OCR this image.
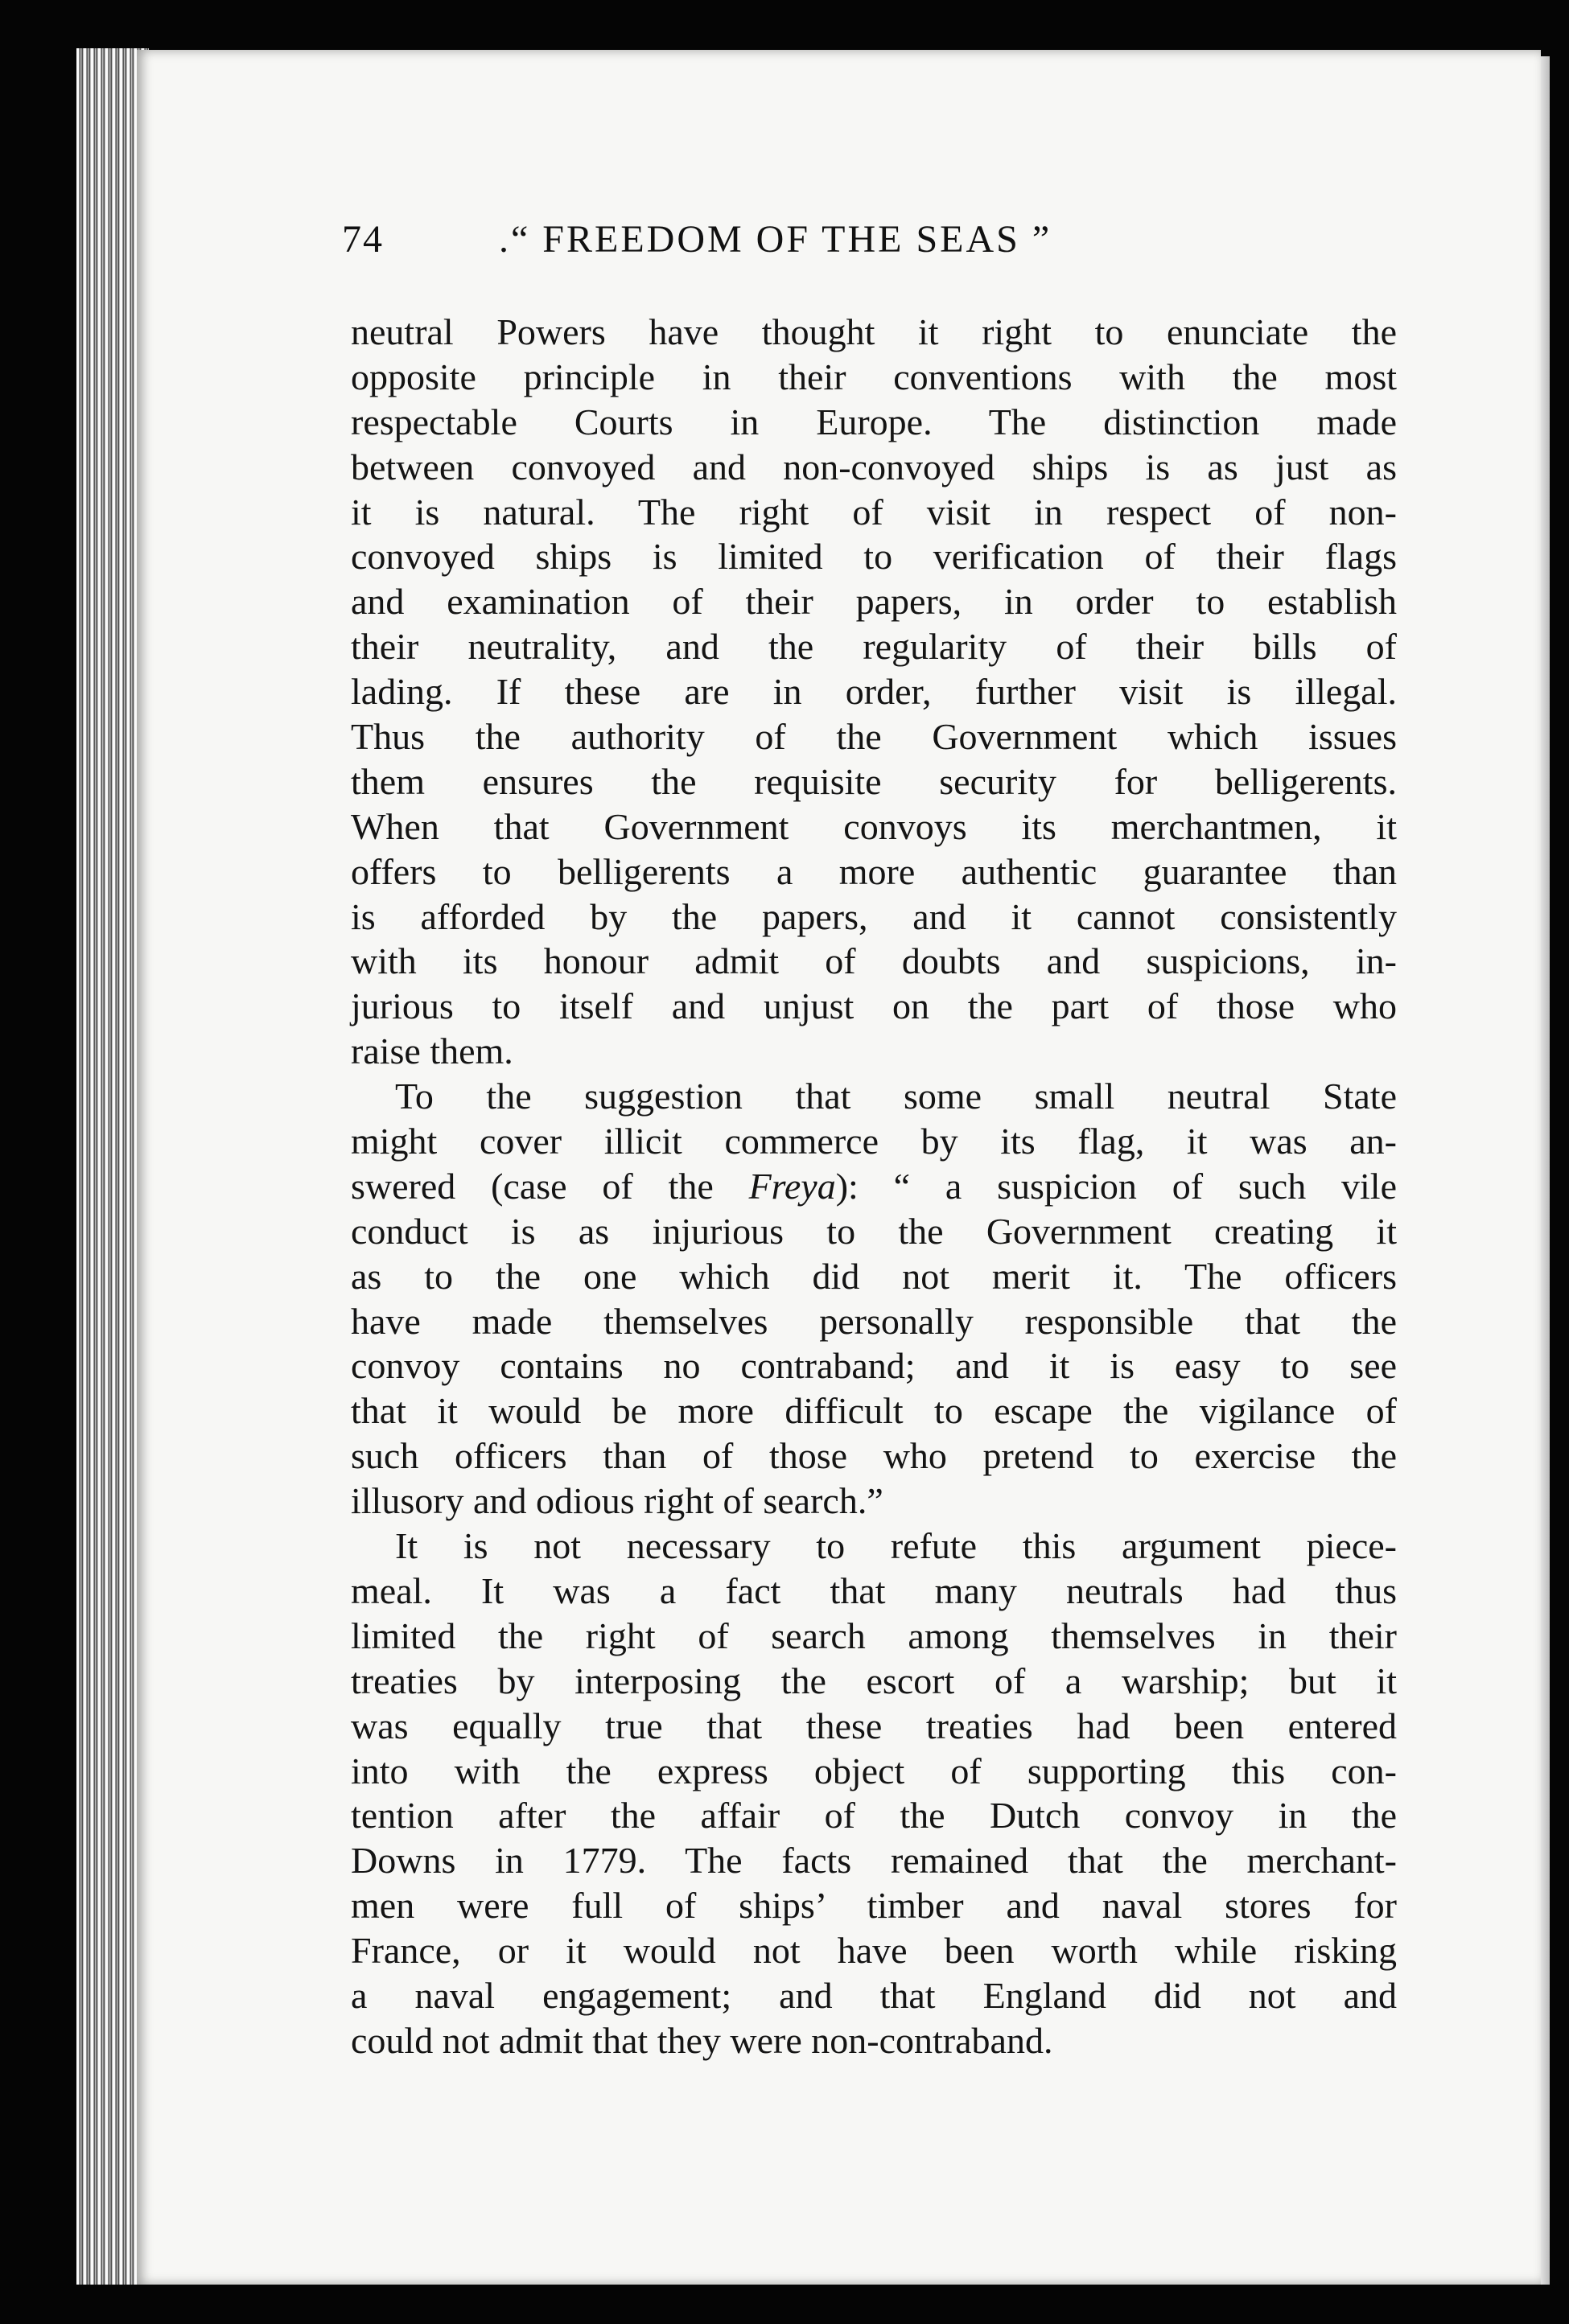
74	.“ FREEDOM OF THE SEAS ”
neutral Powers have thought it right to enunciate the
opposite principle in their conventions with the most
respectable Courts in Europe. The distinction made
between convoyed and non-convoyed ships is as just as
it is natural. The right of visit in respect of non-
convoyed ships is limited to verification of their flags
and examination of their papers, in order to establish
their neutrality, and the regularity of their bills of
lading. If these are in order, further visit is illegal.
Thus the authority of the Government which issues
them ensures the requisite security for belligerents.
When that Government convoys its merchantmen, it
offers to belligerents a more authentic guarantee than
is afforded by the papers, and it cannot consistently
with its honour admit of doubts and suspicions, in-
jurious to itself and unjust on the part of those who
raise them.
To the suggestion that some small neutral State
might cover illicit commerce by its flag, it was an-
swered (case of the Freya): “ a suspicion of such vile
conduct is as injurious to the Government creating it
as to the one which did not merit it. The officers
have made themselves personally responsible that the
convoy contains no contraband; and it is easy to see
that it would be more difficult to escape the vigilance of
such officers than of those who pretend to exercise the
illusory and odious right of search.”
It is not necessary to refute this argument piece-
meal. It was a fact that many neutrals had thus
limited the right of search among themselves in their
treaties by interposing the escort of a warship; but it
was equally true that these treaties had been entered
into with the express object of supporting this con-
tention after the affair of the Dutch convoy in the
Downs in 1779. The facts remained that the merchant-
men were full of ships’ timber and naval stores for
France, or it would not have been worth while risking
a naval engagement; and that England did not and
could not admit that they were non-contraband.
